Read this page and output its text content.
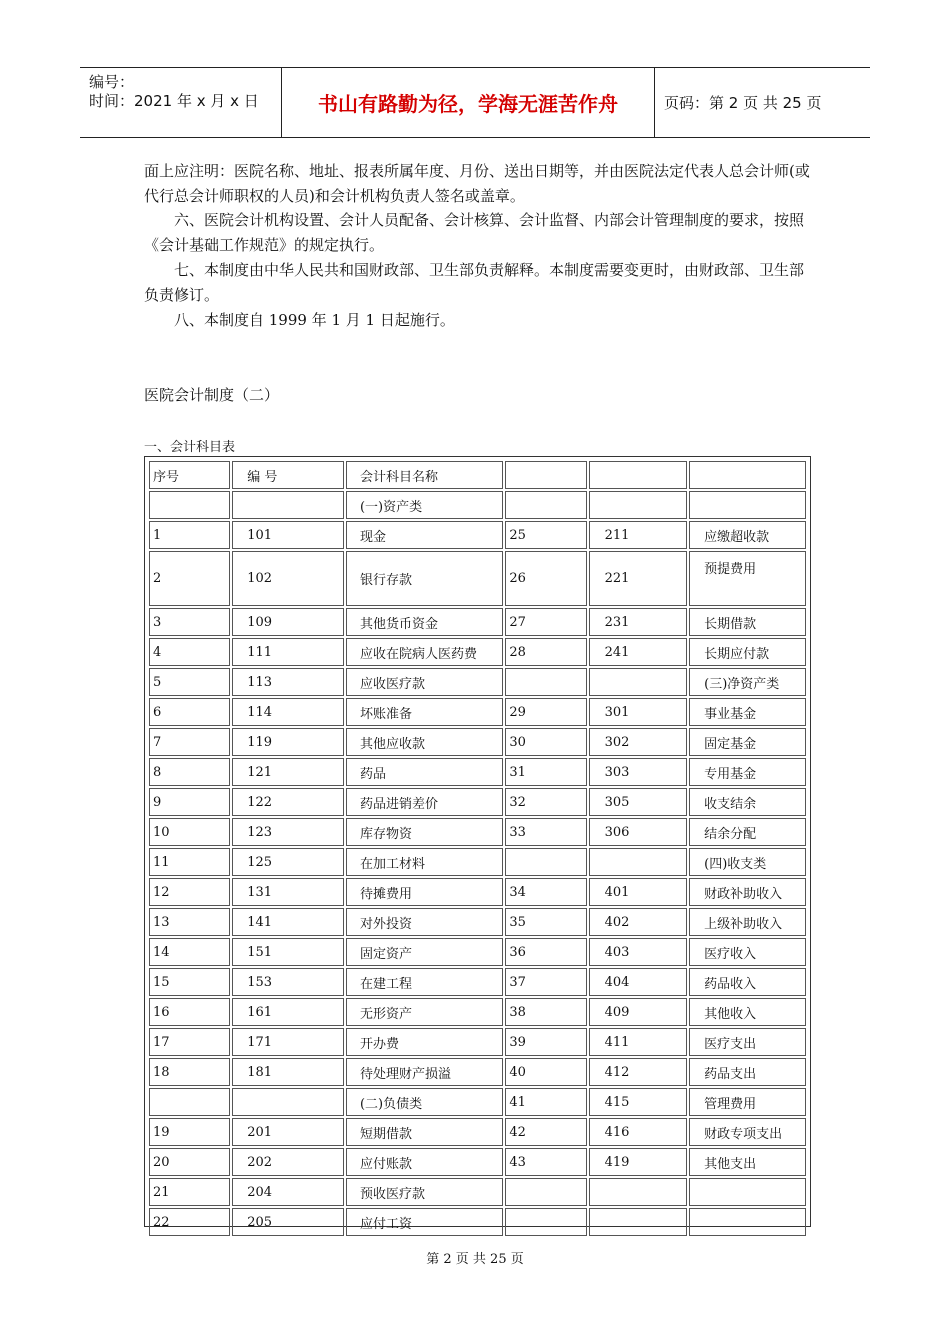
编号：
时间：2021 年 x 月 x 日	书山有路勤为径，学海无涯苦作舟	页码：第 2 页 共 25 页
面上应注明：医院名称、地址、报表所属年度、月份、送出日期等，并由医院法定代表人总会计师(或代行总会计师职权的人员)和会计机构负责人签名或盖章。
六、医院会计机构设置、会计人员配备、会计核算、会计监督、内部会计管理制度的要求，按照《会计基础工作规范》的规定执行。
七、本制度由中华人民共和国财政部、卫生部负责解释。本制度需要变更时，由财政部、卫生部负责修订。
八、本制度自 1999 年 1 月 1 日起施行。
医院会计制度（二）
一、会计科目表
序号	编 号	会计科目名称			
		(一)资产类			
1	101	现金	25	211	应缴超收款
2	102	银行存款	26	221	预提费用
3	109	其他货币资金	27	231	长期借款
4	111	应收在院病人医药费	28	241	长期应付款
5	113	应收医疗款			(三)净资产类
6	114	坏账准备	29	301	事业基金
7	119	其他应收款	30	302	固定基金
8	121	药品	31	303	专用基金
9	122	药品进销差价	32	305	收支结余
10	123	库存物资	33	306	结余分配
11	125	在加工材料			(四)收支类
12	131	待摊费用	34	401	财政补助收入
13	141	对外投资	35	402	上级补助收入
14	151	固定资产	36	403	医疗收入
15	153	在建工程	37	404	药品收入
16	161	无形资产	38	409	其他收入
17	171	开办费	39	411	医疗支出
18	181	待处理财产损溢	40	412	药品支出
		(二)负债类	41	415	管理费用
19	201	短期借款	42	416	财政专项支出
20	202	应付账款	43	419	其他支出
21	204	预收医疗款			
22	205	应付工资			
第 2 页 共 25 页
